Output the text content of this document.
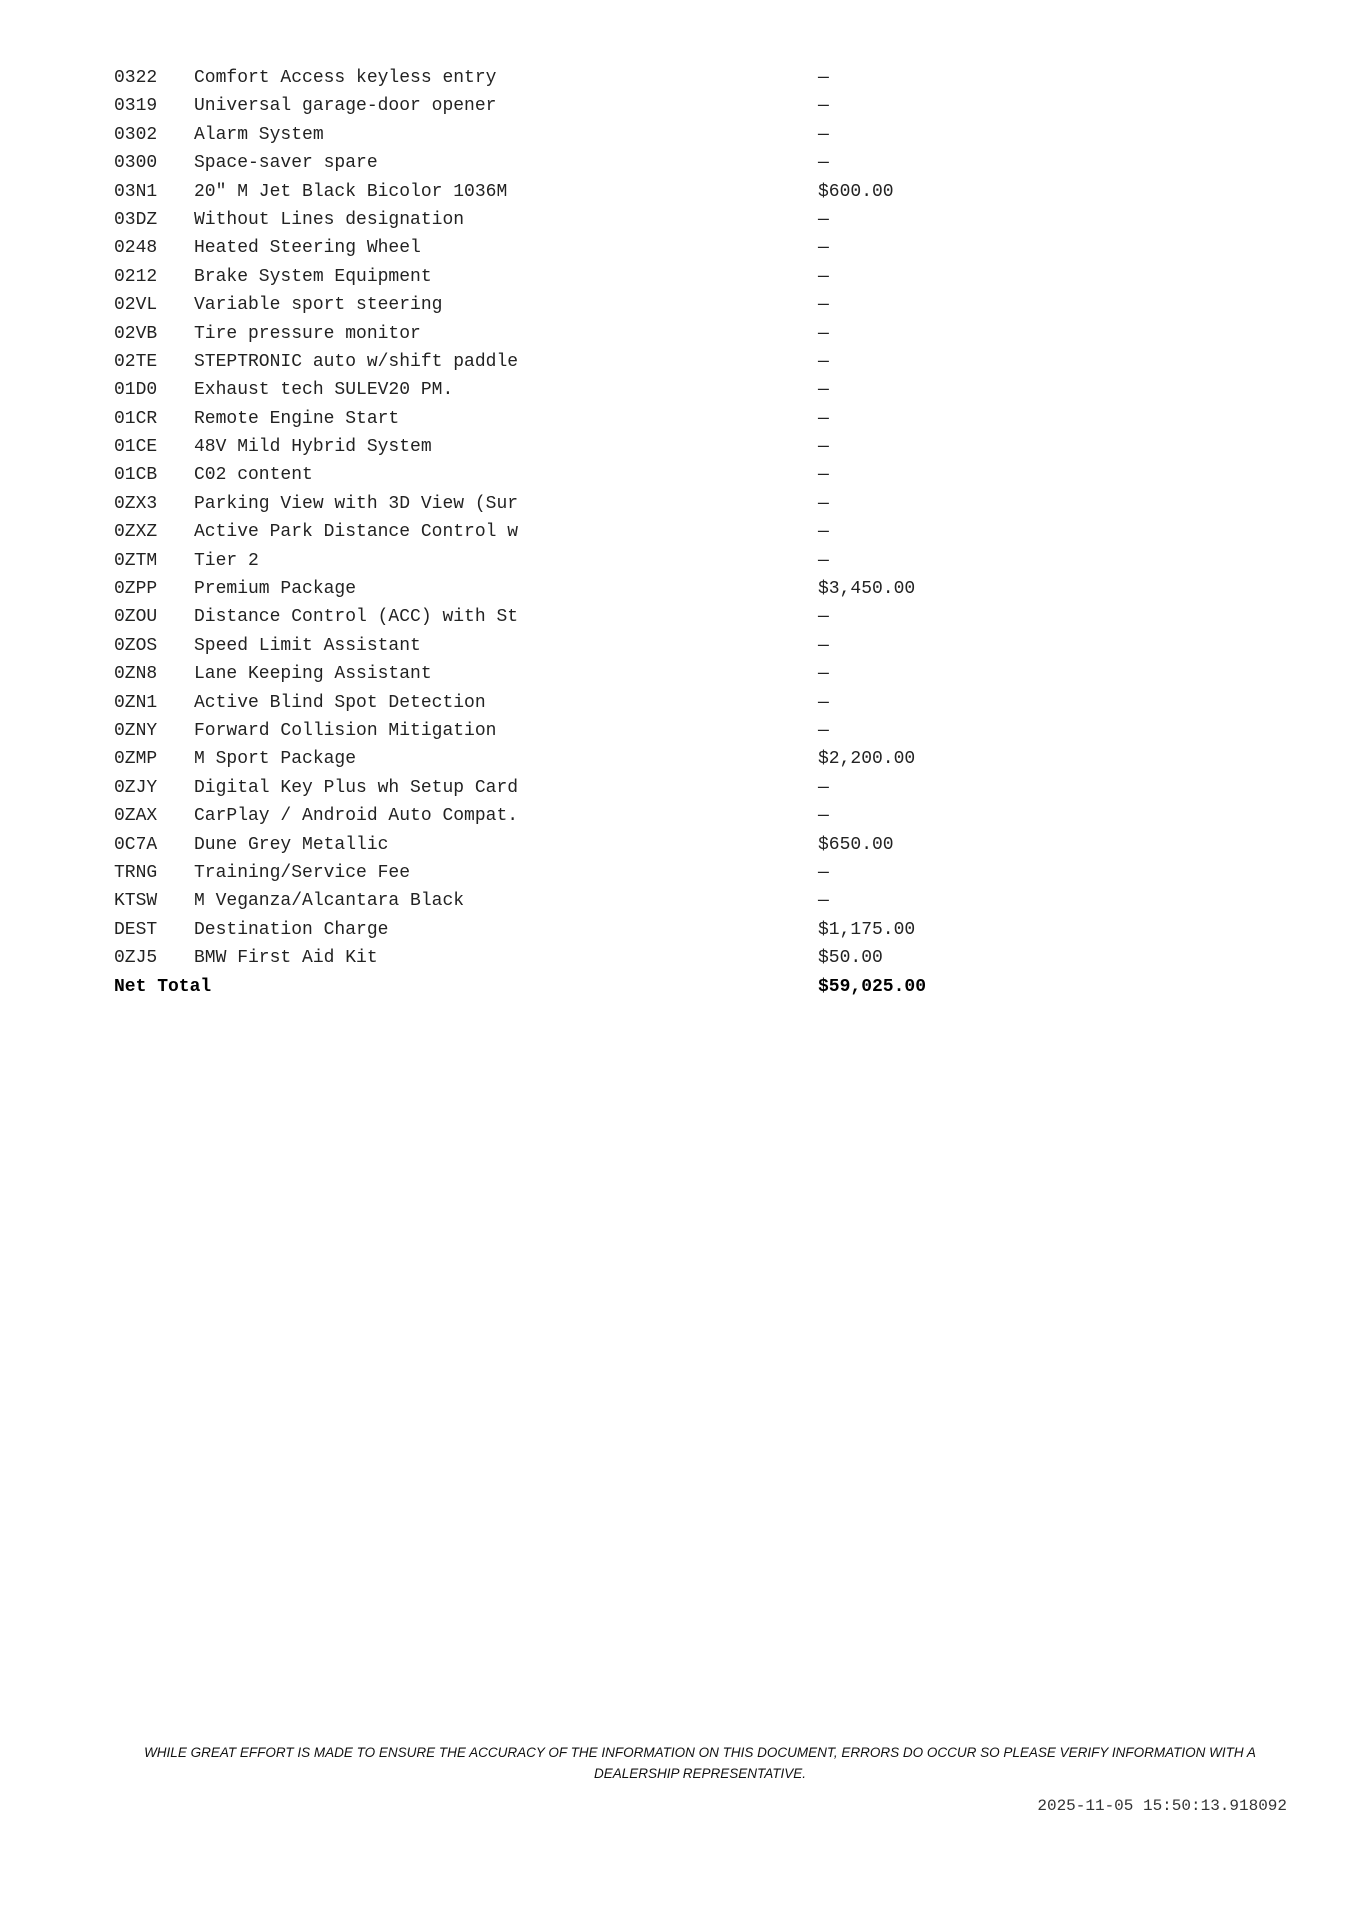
0322	Comfort Access keyless entry	—
0319	Universal garage-door opener	—
0302	Alarm System	—
0300	Space-saver spare	—
03N1	20" M Jet Black Bicolor 1036M	$600.00
03DZ	Without Lines designation	—
0248	Heated Steering Wheel	—
0212	Brake System Equipment	—
02VL	Variable sport steering	—
02VB	Tire pressure monitor	—
02TE	STEPTRONIC auto w/shift paddle	—
01D0	Exhaust tech SULEV20 PM.	—
01CR	Remote Engine Start	—
01CE	48V Mild Hybrid System	—
01CB	C02 content	—
0ZX3	Parking View with 3D View (Sur	—
0ZXZ	Active Park Distance Control w	—
0ZTM	Tier 2	—
0ZPP	Premium Package	$3,450.00
0ZOU	Distance Control (ACC) with St	—
0ZOS	Speed Limit Assistant	—
0ZN8	Lane Keeping Assistant	—
0ZN1	Active Blind Spot Detection	—
0ZNY	Forward Collision Mitigation	—
0ZMP	M Sport Package	$2,200.00
0ZJY	Digital Key Plus wh Setup Card	—
0ZAX	CarPlay / Android Auto Compat.	—
0C7A	Dune Grey Metallic	$650.00
TRNG	Training/Service Fee	—
KTSW	M Veganza/Alcantara Black	—
DEST	Destination Charge	$1,175.00
0ZJ5	BMW First Aid Kit	$50.00
Net Total	$59,025.00
WHILE GREAT EFFORT IS MADE TO ENSURE THE ACCURACY OF THE INFORMATION ON THIS DOCUMENT, ERRORS DO OCCUR SO PLEASE VERIFY INFORMATION WITH A DEALERSHIP REPRESENTATIVE.
2025-11-05 15:50:13.918092
